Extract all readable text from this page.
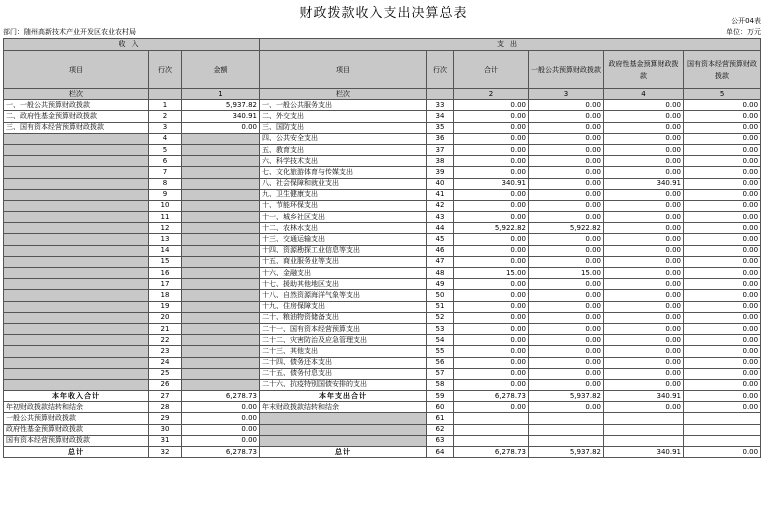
财政拨款收入支出决算总表	公开04表
部门：随州高新技术产业开发区农业农村局	单位：万元
收入			支出					
项目	行次	金额	项目	行次	合计	一般公共预算财政拨款	政府性基金预算财政拨款	国有资本经营预算财政拨款
栏次		1	栏次		2	3	4	5
一、一般公共预算财政拨款	1	5,937.82	一、一般公共服务支出	33	0.00	0.00	0.00	0.00
二、政府性基金预算财政拨款	2	340.91	二、外交支出	34	0.00	0.00	0.00	0.00
三、国有资本经营预算财政拨款	3	0.00	三、国防支出	35	0.00	0.00	0.00	0.00
	4		四、公共安全支出	36	0.00	0.00	0.00	0.00
	5		五、教育支出	37	0.00	0.00	0.00	0.00
	6		六、科学技术支出	38	0.00	0.00	0.00	0.00
	7		七、文化旅游体育与传媒支出	39	0.00	0.00	0.00	0.00
	8		八、社会保障和就业支出	40	340.91	0.00	340.91	0.00
	9		九、卫生健康支出	41	0.00	0.00	0.00	0.00
	10		十、节能环保支出	42	0.00	0.00	0.00	0.00
	11		十一、城乡社区支出	43	0.00	0.00	0.00	0.00
	12		十二、农林水支出	44	5,922.82	5,922.82	0.00	0.00
	13		十三、交通运输支出	45	0.00	0.00	0.00	0.00
	14		十四、资源勘探工业信息等支出	46	0.00	0.00	0.00	0.00
	15		十五、商业服务业等支出	47	0.00	0.00	0.00	0.00
	16		十六、金融支出	48	15.00	15.00	0.00	0.00
	17		十七、援助其他地区支出	49	0.00	0.00	0.00	0.00
	18		十八、自然资源海洋气象等支出	50	0.00	0.00	0.00	0.00
	19		十九、住房保障支出	51	0.00	0.00	0.00	0.00
	20		二十、粮油物资储备支出	52	0.00	0.00	0.00	0.00
	21		二十一、国有资本经营预算支出	53	0.00	0.00	0.00	0.00
	22		二十二、灾害防治及应急管理支出	54	0.00	0.00	0.00	0.00
	23		二十三、其他支出	55	0.00	0.00	0.00	0.00
	24		二十四、债务还本支出	56	0.00	0.00	0.00	0.00
	25		二十五、债务付息支出	57	0.00	0.00	0.00	0.00
	26		二十六、抗疫特别国债安排的支出	58	0.00	0.00	0.00	0.00
本年收入合计	27	6,278.73	本年支出合计	59	6,278.73	5,937.82	340.91	0.00
年初财政拨款结转和结余	28	0.00	年末财政拨款结转和结余	60	0.00	0.00	0.00	0.00
一般公共预算财政拨款	29	0.00		61				
政府性基金预算财政拨款	30	0.00		62				
国有资本经营预算财政拨款	31	0.00		63				
总计	32	6,278.73	总计	64	6,278.73	5,937.82	340.91	0.00
